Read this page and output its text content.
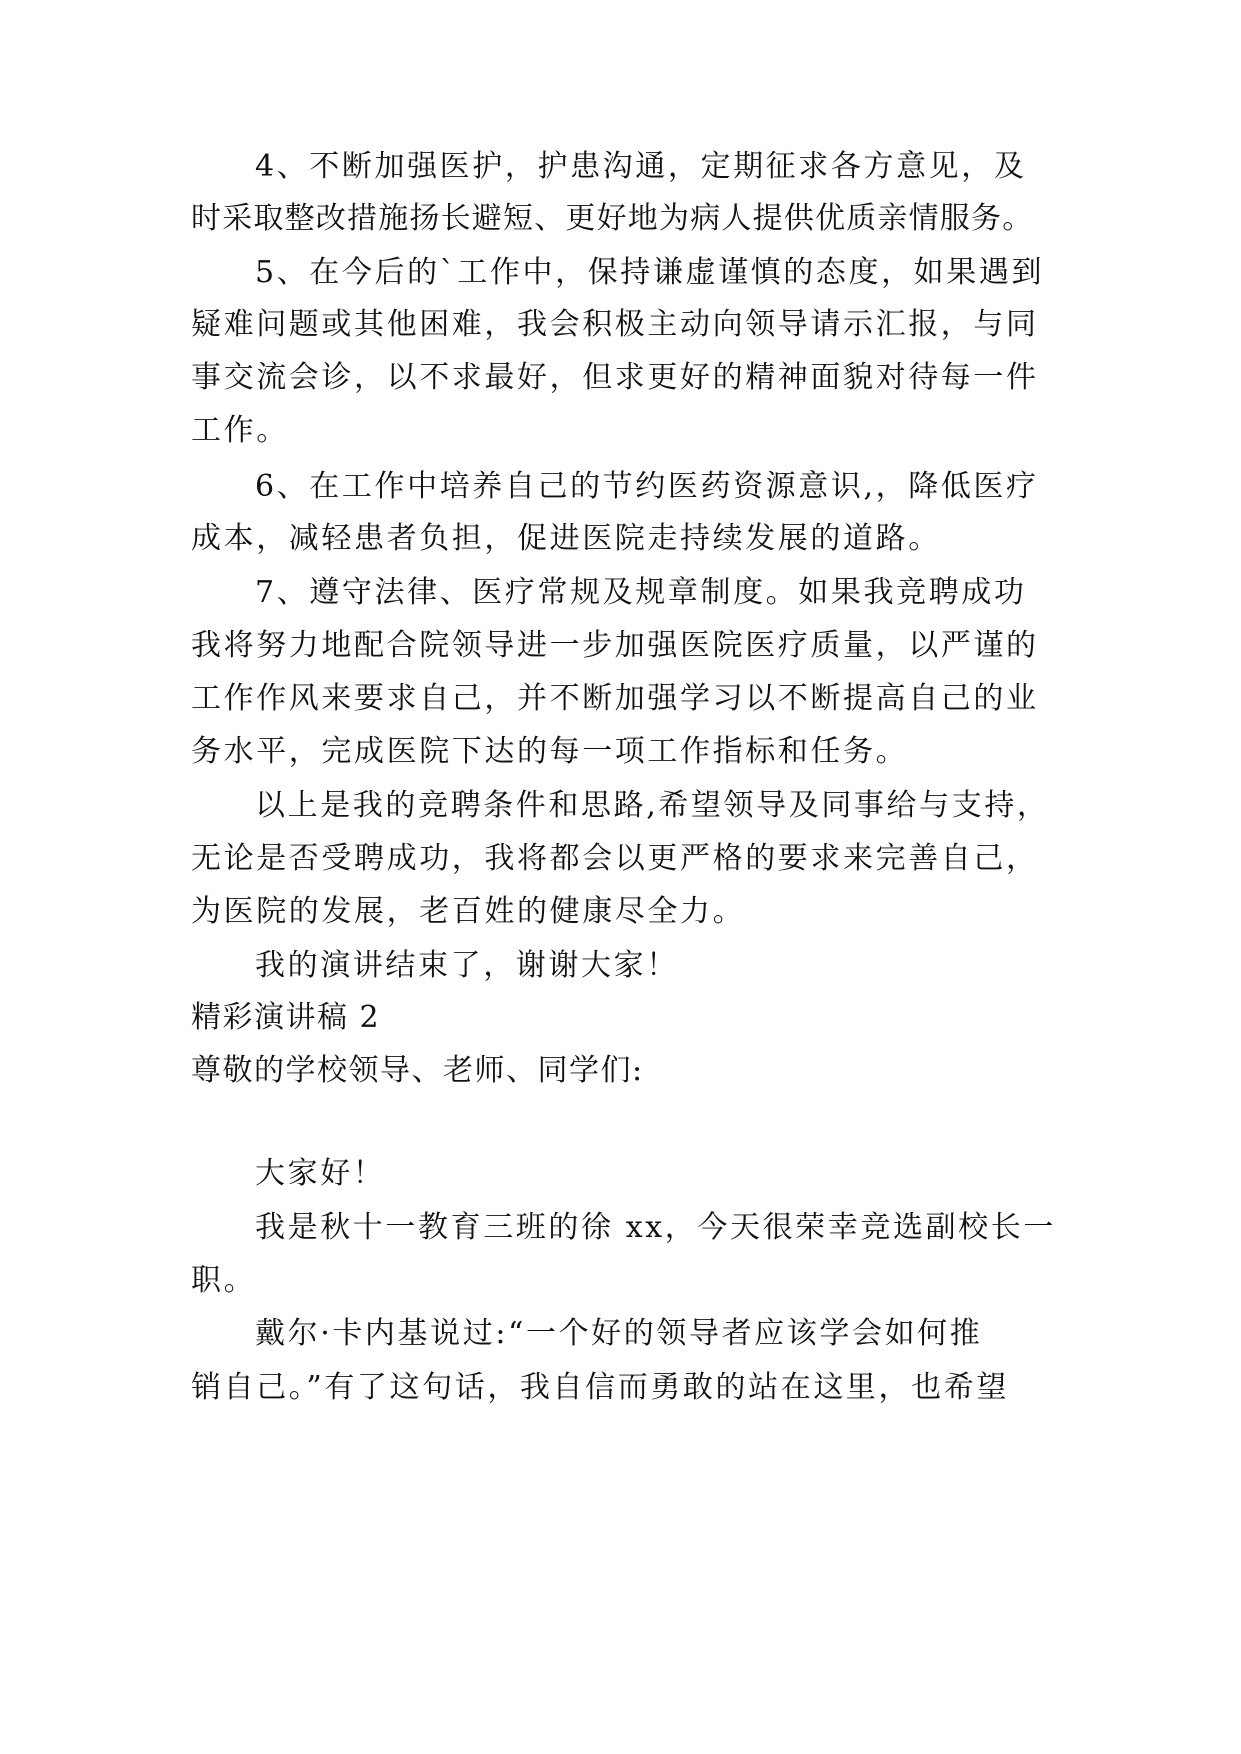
4、不断加强医护，护患沟通，定期征求各方意见，及
时采取整改措施扬长避短、更好地为病人提供优质亲情服务。
5、在今后的`工作中，保持谦虚谨慎的态度，如果遇到
疑难问题或其他困难，我会积极主动向领导请示汇报，与同
事交流会诊，以不求最好，但求更好的精神面貌对待每一件
工作。
6、在工作中培养自己的节约医药资源意识,，降低医疗
成本，减轻患者负担，促进医院走持续发展的道路。
7、遵守法律、医疗常规及规章制度。如果我竞聘成功
我将努力地配合院领导进一步加强医院医疗质量，以严谨的
工作作风来要求自己，并不断加强学习以不断提高自己的业
务水平，完成医院下达的每一项工作指标和任务。
以上是我的竞聘条件和思路,希望领导及同事给与支持，
无论是否受聘成功，我将都会以更严格的要求来完善自己，
为医院的发展，老百姓的健康尽全力。
我的演讲结束了，谢谢大家！
精彩演讲稿 2
尊敬的学校领导、老师、同学们:
大家好！
我是秋十一教育三班的徐 xx，今天很荣幸竞选副校长一
职。
戴尔·卡内基说过:“一个好的领导者应该学会如何推
销自己。”有了这句话，我自信而勇敢的站在这里，也希望
